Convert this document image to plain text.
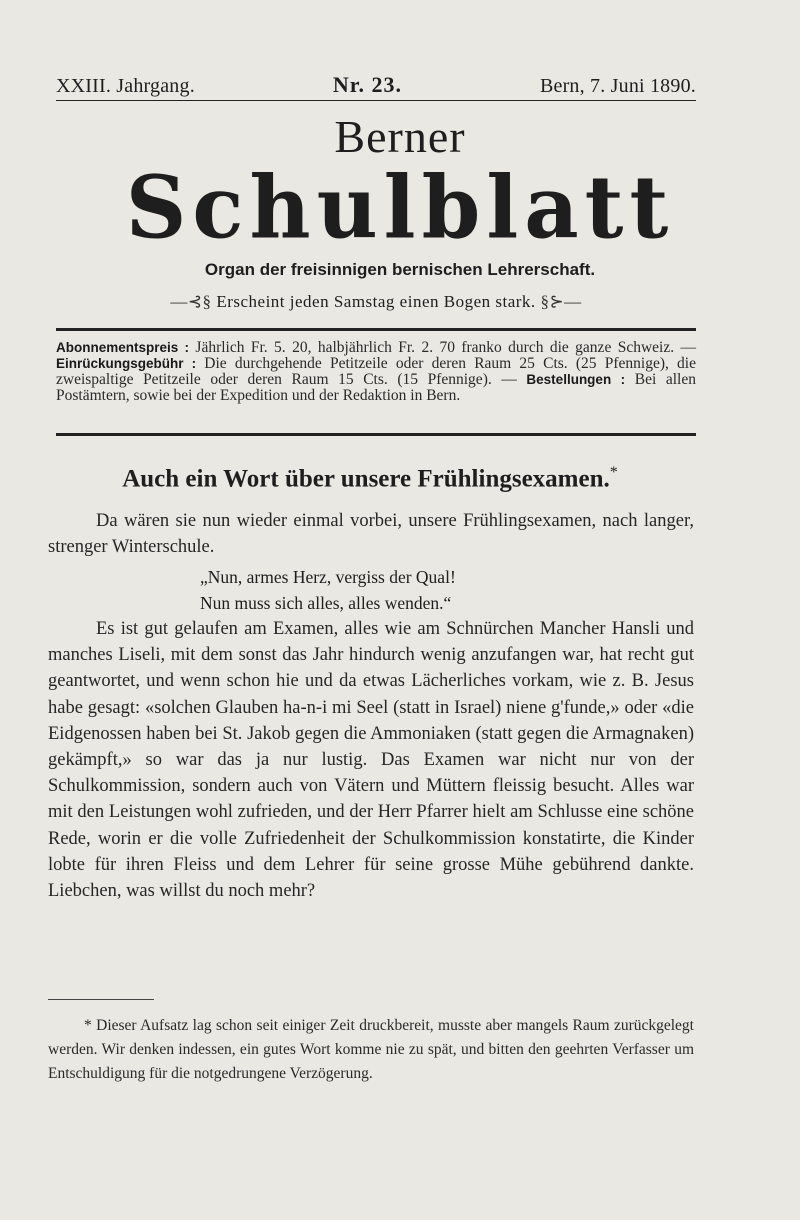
XXIII. Jahrgang.	Nr. 23.	Bern, 7. Juni 1890.
Berner
Schulblatt
Organ der freisinnigen bernischen Lehrerschaft.
—⊰§ Erscheint jeden Samstag einen Bogen stark. §⊱—
Abonnementspreis : Jährlich Fr. 5. 20, halbjährlich Fr. 2. 70 franko durch die ganze Schweiz. — Einrückungsgebühr : Die durchgehende Petitzeile oder deren Raum 25 Cts. (25 Pfennige), die zweispaltige Petitzeile oder deren Raum 15 Cts. (15 Pfennige). — Bestellungen : Bei allen Postämtern, sowie bei der Expedition und der Redaktion in Bern.
Auch ein Wort über unsere Frühlingsexamen.*

Da wären sie nun wieder einmal vorbei, unsere Frühlingsexamen, nach langer, strenger Winterschule.

„Nun, armes Herz, vergiss der Qual!
Nun muss sich alles, alles wenden.“

Es ist gut gelaufen am Examen, alles wie am Schnürchen Mancher Hansli und manches Liseli, mit dem sonst das Jahr hindurch wenig anzufangen war, hat recht gut geantwortet, und wenn schon hie und da etwas Lächerliches vorkam, wie z. B. Jesus habe gesagt: «solchen Glauben ha-n-i mi Seel (statt in Israel) niene g'funde,» oder «die Eidgenossen haben bei St. Jakob gegen die Ammoniaken (statt gegen die Armagnaken) gekämpft,» so war das ja nur lustig. Das Examen war nicht nur von der Schulkommission, sondern auch von Vätern und Müttern fleissig besucht. Alles war mit den Leistungen wohl zufrieden, und der Herr Pfarrer hielt am Schlusse eine schöne Rede, worin er die volle Zufriedenheit der Schulkommission konstatirte, die Kinder lobte für ihren Fleiss und dem Lehrer für seine grosse Mühe gebührend dankte. Liebchen, was willst du noch mehr?

* Dieser Aufsatz lag schon seit einiger Zeit druckbereit, musste aber mangels Raum zurückgelegt werden. Wir denken indessen, ein gutes Wort komme nie zu spät, und bitten den geehrten Verfasser um Entschuldigung für die notgedrungene Verzögerung.
